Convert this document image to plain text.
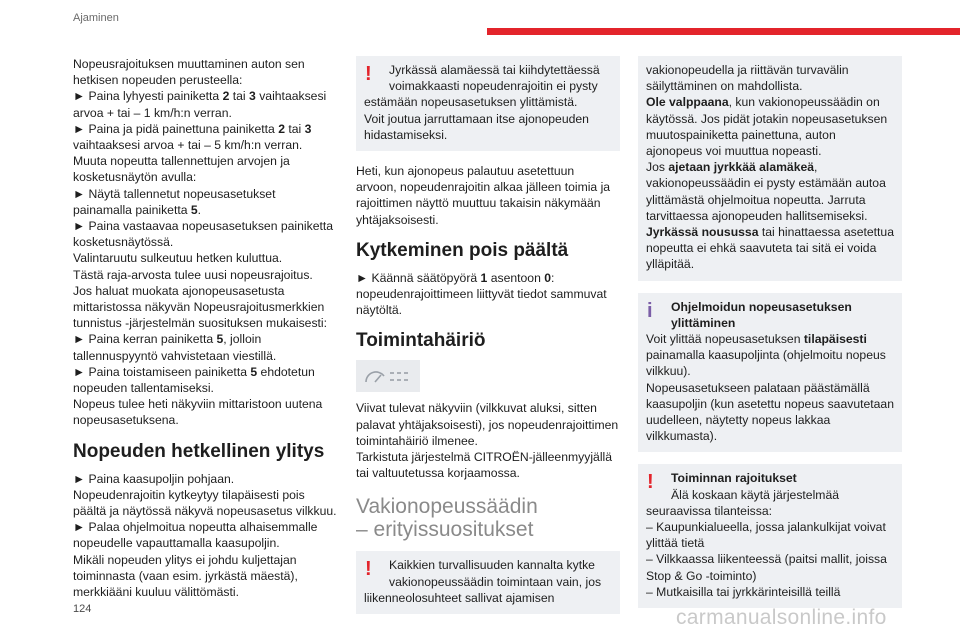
Ajaminen
Nopeusrajoituksen muuttaminen auton sen
hetkisen nopeuden perusteella:
► Paina lyhyesti painiketta 2 tai 3 vaihtaaksesi
arvoa + tai – 1 km/h:n verran.
► Paina ja pidä painettuna painiketta 2 tai 3
vaihtaaksesi arvoa + tai – 5 km/h:n verran.
Muuta nopeutta tallennettujen arvojen ja
kosketusnäytön avulla:
► Näytä tallennetut nopeusasetukset
painamalla painiketta 5.
► Paina vastaavaa nopeusasetuksen painiketta
kosketusnäytössä.
Valintaruutu sulkeutuu hetken kuluttua.
Tästä raja-arvosta tulee uusi nopeusrajoitus.
Jos haluat muokata ajonopeusasetusta
mittaristossa näkyvän Nopeusrajoitusmerkkien
tunnistus -järjestelmän suosituksen mukaisesti:
► Paina kerran painiketta 5, jolloin
tallennuspyyntö vahvistetaan viestillä.
► Paina toistamiseen painiketta 5 ehdotetun
nopeuden tallentamiseksi.
Nopeus tulee heti näkyviin mittaristoon uutena
nopeusasetuksena.
Nopeuden hetkellinen ylitys
► Paina kaasupoljin pohjaan.
Nopeudenrajoitin kytkeytyy tilapäisesti pois
päältä ja näytössä näkyvä nopeusasetus vilkkuu.
► Palaa ohjelmoitua nopeutta alhaisemmalle
nopeudelle vapauttamalla kaasupoljin.
Mikäli nopeuden ylitys ei johdu kuljettajan
toiminnasta (vaan esim. jyrkästä mäestä),
merkkiääni kuuluu välittömästi.
!	Jyrkässä alamäessä tai kiihdytettäessä
voimakkaasti nopeudenrajoitin ei pysty
estämään nopeusasetuksen ylittämistä.
Voit joutua jarruttamaan itse ajonopeuden
hidastamiseksi.
Heti, kun ajonopeus palautuu asetettuun
arvoon, nopeudenrajoitin alkaa jälleen toimia ja
rajoittimen näyttö muuttuu takaisin näkymään
yhtäjaksoisesti.
Kytkeminen pois päältä
► Käännä säätöpyörä 1 asentoon 0:
nopeudenrajoittimeen liittyvät tiedot sammuvat
näytöltä.
Toimintahäiriö
Viivat tulevat näkyviin (vilkkuvat aluksi, sitten
palavat yhtäjaksoisesti), jos nopeudenrajoittimen
toimintahäiriö ilmenee.
Tarkistuta järjestelmä CITROËN-jälleenmyyjällä
tai valtuutetussa korjaamossa.
Vakionopeussäädin
– erityissuositukset
!	Kaikkien turvallisuuden kannalta kytke
vakionopeussäädin toimintaan vain, jos
liikenneolosuhteet sallivat ajamisen
vakionopeudella ja riittävän turvavälin
säilyttäminen on mahdollista.
Ole valppaana, kun vakionopeussäädin on
käytössä. Jos pidät jotakin nopeusasetuksen
muutospainiketta painettuna, auton
ajonopeus voi muuttua nopeasti.
Jos ajetaan jyrkkää alamäkeä,
vakionopeussäädin ei pysty estämään autoa
ylittämästä ohjelmoitua nopeutta. Jarruta
tarvittaessa ajonopeuden hallitsemiseksi.
Jyrkässä nousussa tai hinattaessa asetettua
nopeutta ei ehkä saavuteta tai sitä ei voida
ylläpitää.
i	Ohjelmoidun nopeusasetuksen
ylittäminen
Voit ylittää nopeusasetuksen tilapäisesti
painamalla kaasupoljinta (ohjelmoitu nopeus
vilkkuu).
Nopeusasetukseen palataan päästämällä
kaasupoljin (kun asetettu nopeus saavutetaan
uudelleen, näytetty nopeus lakkaa
vilkkumasta).
!	Toiminnan rajoitukset
Älä koskaan käytä järjestelmää
seuraavissa tilanteissa:
– Kaupunkialueella, jossa jalankulkijat voivat
ylittää tietä
– Vilkkaassa liikenteessä (paitsi mallit, joissa
Stop & Go -toiminto)
– Mutkaisilla tai jyrkkärinteisillä teillä
124	carmanualsonline.info
